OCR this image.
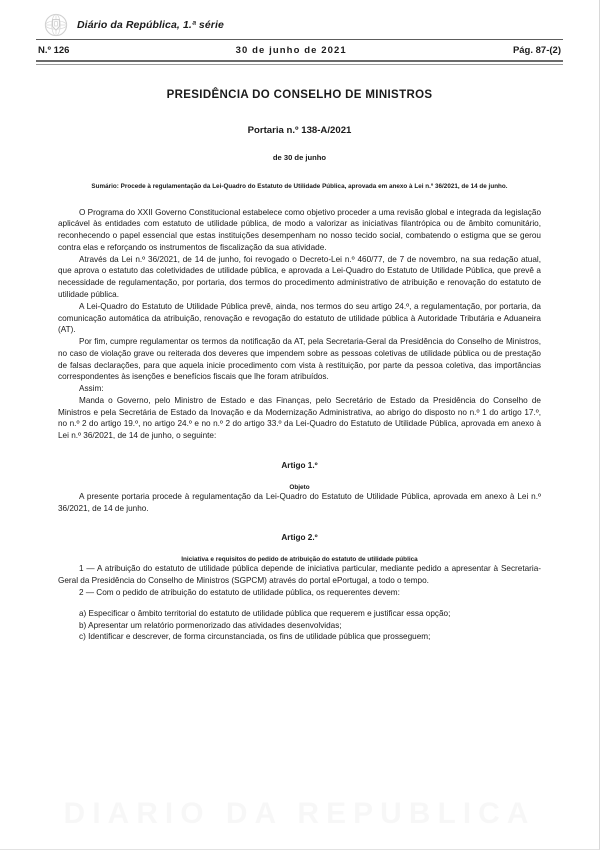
Diário da República, 1.ª série
N.º 126	30 de junho de 2021	Pág. 87-(2)
PRESIDÊNCIA DO CONSELHO DE MINISTROS
Portaria n.º 138-A/2021
de 30 de junho
Sumário: Procede à regulamentação da Lei-Quadro do Estatuto de Utilidade Pública, aprovada em anexo à Lei n.º 36/2021, de 14 de junho.

O Programa do XXII Governo Constitucional estabelece como objetivo proceder a uma revisão global e integrada da legislação aplicável às entidades com estatuto de utilidade pública, de modo a valorizar as iniciativas filantrópica ou de âmbito comunitário, reconhecendo o papel essencial que estas instituições desempenham no nosso tecido social, combatendo o estigma que se gerou contra elas e reforçando os instrumentos de fiscalização da sua atividade.

Através da Lei n.º 36/2021, de 14 de junho, foi revogado o Decreto-Lei n.º 460/77, de 7 de novembro, na sua redação atual, que aprova o estatuto das coletividades de utilidade pública, e aprovada a Lei-Quadro do Estatuto de Utilidade Pública, que prevê a necessidade de regulamentação, por portaria, dos termos do procedimento administrativo de atribuição e renovação do estatuto de utilidade pública.

A Lei-Quadro do Estatuto de Utilidade Pública prevê, ainda, nos termos do seu artigo 24.º, a regulamentação, por portaria, da comunicação automática da atribuição, renovação e revogação do estatuto de utilidade pública à Autoridade Tributária e Aduaneira (AT).

Por fim, cumpre regulamentar os termos da notificação da AT, pela Secretaria-Geral da Presidência do Conselho de Ministros, no caso de violação grave ou reiterada dos deveres que impendem sobre as pessoas coletivas de utilidade pública ou de prestação de falsas declarações, para que aquela inicie procedimento com vista à restituição, por parte da pessoa coletiva, das importâncias correspondentes às isenções e benefícios fiscais que lhe foram atribuídos.

Assim:

Manda o Governo, pelo Ministro de Estado e das Finanças, pelo Secretário de Estado da Presidência do Conselho de Ministros e pela Secretária de Estado da Inovação e da Modernização Administrativa, ao abrigo do disposto no n.º 1 do artigo 17.º, no n.º 2 do artigo 19.º, no artigo 24.º e no n.º 2 do artigo 33.º da Lei-Quadro do Estatuto de Utilidade Pública, aprovada em anexo à Lei n.º 36/2021, de 14 de junho, o seguinte:

Artigo 1.º
Objeto

A presente portaria procede à regulamentação da Lei-Quadro do Estatuto de Utilidade Pública, aprovada em anexo à Lei n.º 36/2021, de 14 de junho.

Artigo 2.º
Iniciativa e requisitos do pedido de atribuição do estatuto de utilidade pública

1 — A atribuição do estatuto de utilidade pública depende de iniciativa particular, mediante pedido a apresentar à Secretaria-Geral da Presidência do Conselho de Ministros (SGPCM) através do portal ePortugal, a todo o tempo.

2 — Com o pedido de atribuição do estatuto de utilidade pública, os requerentes devem:

a) Especificar o âmbito territorial do estatuto de utilidade pública que requerem e justificar essa opção;

b) Apresentar um relatório pormenorizado das atividades desenvolvidas;

c) Identificar e descrever, de forma circunstanciada, os fins de utilidade pública que prosseguem;
